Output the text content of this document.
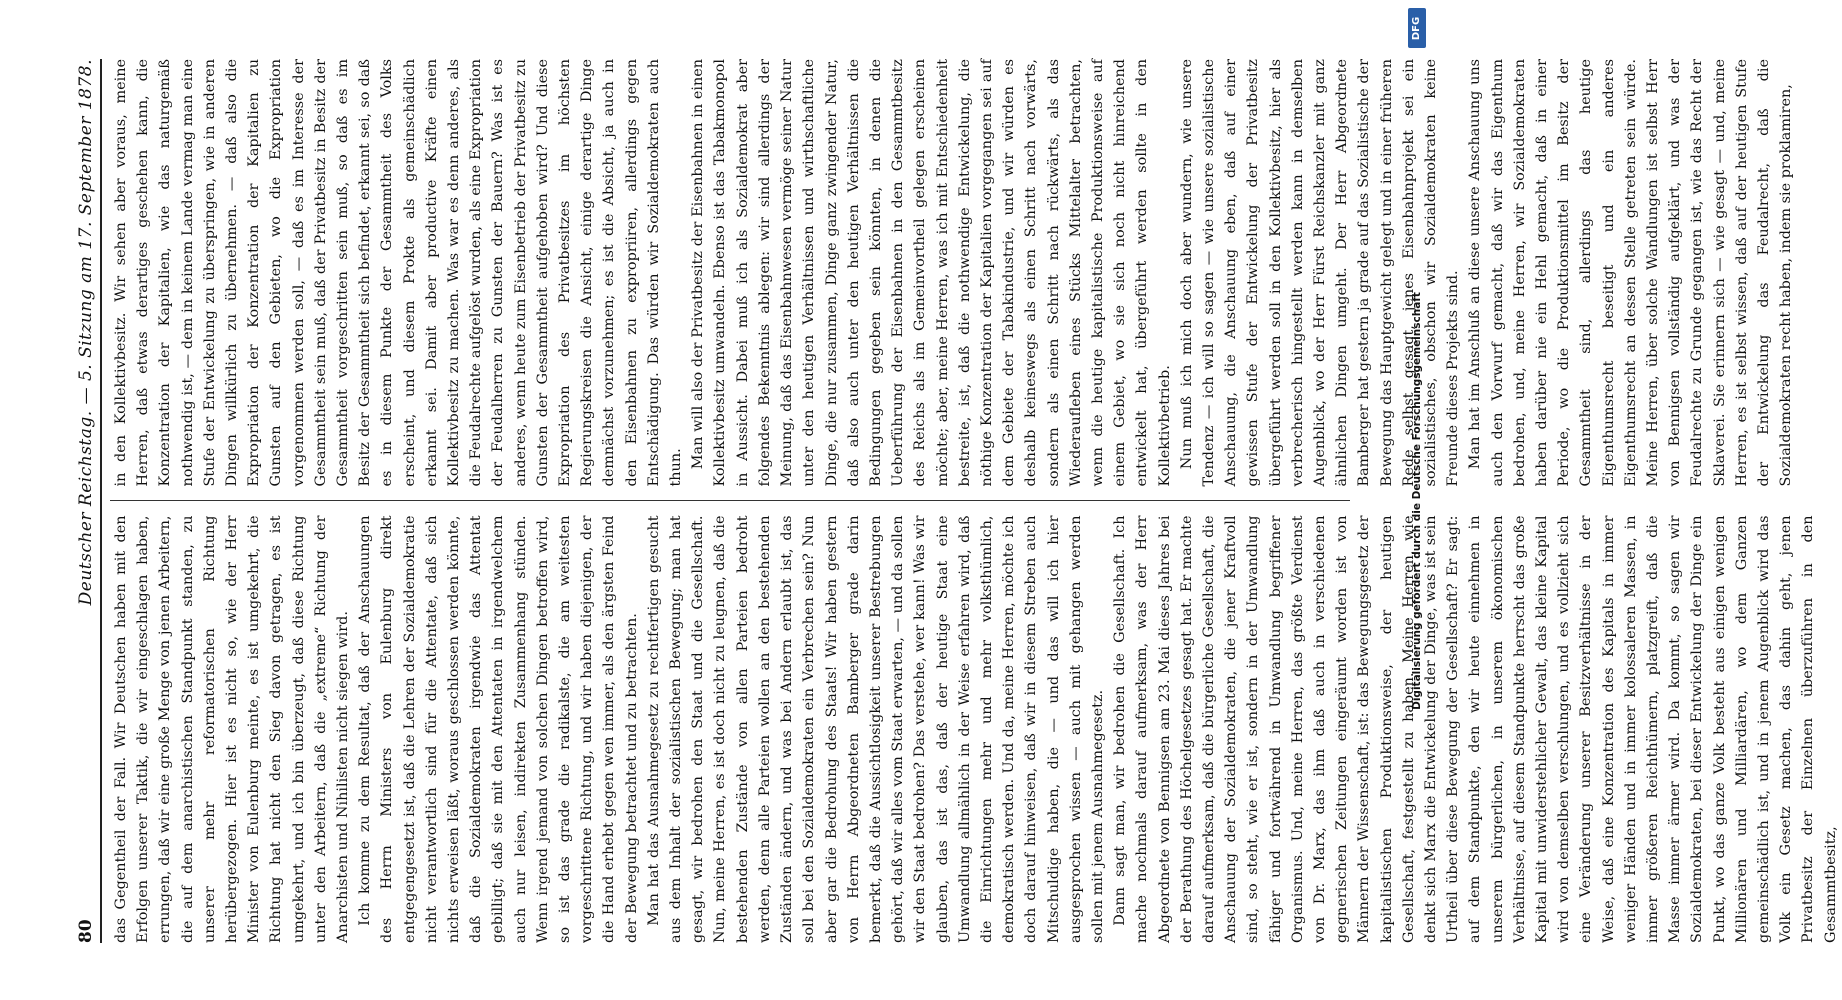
80
Deutscher Reichstag. — 5. Sitzung am 17. September 1878.

das Gegentheil der Fall. Wir Deutschen haben mit den Erfolgen unserer Taktik, die wir eingeschlagen haben, errungen, daß wir eine große Menge von jenen Arbeitern, die auf dem anarchistischen Standpunkt standen, zu unserer mehr reformatorischen Richtung herübergezogen. Hier ist es nicht so, wie der Herr Minister von Eulenburg meinte, es ist umgekehrt, die Richtung hat nicht den Sieg davon getragen, es ist umgekehrt, und ich bin überzeugt, daß diese Richtung unter den Arbeitern, daß die „extreme“ Richtung der Anarchisten und Nihilisten nicht siegen wird. Ich komme zu dem Resultat, daß der Anschauungen des Herrn Ministers von Eulenburg direkt entgegengesetzt ist, daß die Lehren der Sozialdemokratie nicht verantwortlich sind für die Attentate, daß sich nichts erweisen läßt, woraus geschlossen werden könnte, daß die Sozialdemokraten irgendwie das Attentat gebilligt; daß sie mit den Attentaten in irgendwelchem auch nur leisen, indirekten Zusammenhang stünden. Wenn irgend jemand von solchen Dingen betroffen wird, so ist das grade die radikalste, die am weitesten vorgeschrittene Richtung, und wir haben diejenigen, der die Hand erhebt gegen wen immer, als den ärgsten Feind der Bewegung betrachtet und zu betrachten. Man hat das Ausnahmegesetz zu rechtfertigen gesucht aus dem Inhalt der sozialistischen Bewegung; man hat gesagt, wir bedrohen den Staat und die Gesellschaft. Nun, meine Herren, es ist doch nicht zu leugnen, daß die bestehenden Zustände von allen Parteien bedroht werden, denn alle Parteien wollen an den bestehenden Zuständen ändern, und was bei Andern erlaubt ist, das soll bei den Sozialdemokraten ein Verbrechen sein? Nun aber gar die Bedrohung des Staats! Wir haben gestern von Herrn Abgeordneten Bamberger grade darin bemerkt, daß die Aussichtlosigkeit unserer Bestrebungen gehört, daß wir alles vom Staat erwarten, — und da sollen wir den Staat bedrohen? Das verstehe, wer kann! Was wir glauben, das ist das, daß der heutige Staat eine Umwandlung allmählich in der Weise erfahren wird, daß die Einrichtungen mehr und mehr volksthümlich, demokratisch werden. Und da, meine Herren, möchte ich doch darauf hinweisen, daß wir in diesem Streben auch Mitschuldige haben, die — und das will ich hier ausgesprochen wissen — auch mit gehangen werden sollen mit jenem Ausnahmegesetz. Dann sagt man, wir bedrohen die Gesellschaft. Ich mache nochmals darauf aufmerksam, was der Herr Abgeordnete von Bennigsen am 23. Mai dieses Jahres bei der Berathung des Höchelgesetzes gesagt hat. Er machte darauf aufmerksam, daß die bürgerliche Gesellschaft, die Anschauung der Sozialdemokraten, die jener Kraftvoll sind, so steht, wie er ist, sondern in der Umwandlung fähiger und fortwährend in Umwandlung begriffener Organismus. Und, meine Herren, das größte Verdienst von Dr. Marx, das ihm daß auch in verschiedenen gegnerischen Zeitungen eingeräumt worden ist von Männern der Wissenschaft, ist: das Bewegungsgesetz der kapitalistischen Produktionsweise, der heutigen Gesellschaft, festgestellt zu haben. Meine Herren, wie denkt sich Marx die Entwickelung der Dinge, was ist sein Urtheil über diese Bewegung der Gesellschaft? Er sagt: auf dem Standpunkte, den wir heute einnehmen in unserem bürgerlichen, in unserem ökonomischen Verhältnisse, auf diesem Standpunkte herrscht das große Kapital mit unwiderstehlicher Gewalt, das kleine Kapital wird von demselben verschlungen, und es vollzieht sich eine Veränderung unserer Besitzverhältnisse in der Weise, daß eine Konzentration des Kapitals in immer weniger Händen und in immer kolossaleren Massen, in immer größeren Reichthümern, platzgreift, daß die Masse immer ärmer wird. Da kommt, so sagen wir Sozialdemokraten, bei dieser Entwickelung der Dinge ein Punkt, wo das ganze Volk besteht aus einigen wenigen Millionären und Milliardären, wo dem Ganzen gemeinschädlich ist, und in jenem Augenblick wird das Volk ein Gesetz machen, das dahin geht, jenen Privatbesitz der Einzelnen überzuführen in den Gesammtbesitz,

in den Kollektivbesitz. Wir sehen aber voraus, meine Herren, daß etwas derartiges geschehen kann, die Konzentration der Kapitalien, wie das naturgemäß nothwendig ist, — dem in keinem Lande vermag man eine Stufe der Entwickelung zu überspringen, wie in anderen Dingen willkürlich zu übernehmen. — daß also die Expropriation der Konzentration der Kapitalien zu Gunsten auf den Gebieten, wo die Expropriation vorgenommen werden soll, — daß es im Interesse der Gesammtheit sein muß, daß der Privatbesitz in Besitz der Gesammtheit vorgeschritten sein muß, so daß es im Besitz der Gesammtheit sich befindet, erkannt sei, so daß es in diesem Punkte der Gesammtheit des Volks erscheint, und diesem Prokte als gemeinschädlich erkannt sei. Damit aber productive Kräfte einen Kollektivbesitz zu machen. Was war es denn anderes, als die Feudalrechte aufgelöst wurden, als eine Expropriation der Feudalherren zu Gunsten der Bauern? Was ist es anderes, wenn heute zum Eisenbetrieb der Privatbesitz zu Gunsten der Gesammtheit aufgehoben wird? Und diese Expropriation des Privatbesitzes im höchsten Regierungskreisen die Ansicht, einige derartige Dinge demnächst vorzunehmen; es ist die Absicht, ja auch in den Eisenbahnen zu expropriiren, allerdings gegen Entschädigung. Das würden wir Sozialdemokraten auch thun. Man will also der Privatbesitz der Eisenbahnen in einen Kollektivbesitz umwandeln. Ebenso ist das Tabakmonopol in Aussicht. Dabei muß ich als Sozialdemokrat aber folgendes Bekenntnis ablegen: wir sind allerdings der Meinung, daß das Eisenbahnwesen vermöge seiner Natur unter den heutigen Verhältnissen und wirthschaftliche Dinge, die nur zusammen, Dinge ganz zwingender Natur, daß also auch unter den heutigen Verhältnissen die Bedingungen gegeben sein könnten, in denen die Ueberführung der Eisenbahnen in den Gesammtbesitz des Reichs als im Gemeinvortheil gelegen erscheinen möchte; aber, meine Herren, was ich mit Entschiedenheit bestreite, ist, daß die nothwendige Entwickelung, die nöthige Konzentration der Kapitalien vorgegangen sei auf dem Gebiete der Tabakindustrie, und wir würden es deshalb keineswegs als einen Schritt nach vorwärts, sondern als einen Schritt nach rückwärts, als das Wiederaufleben eines Stücks Mittelalter betrachten, wenn die heutige kapitalistische Produktionsweise auf einem Gebiet, wo sie sich noch nicht hinreichend entwickelt hat, übergeführt werden sollte in den Kollektivbetrieb. Nun muß ich mich doch aber wundern, wie unsere Tendenz — ich will so sagen — wie unsere sozialistische Anschauung, die Anschauung eben, daß auf einer gewissen Stufe der Entwickelung der Privatbesitz übergeführt werden soll in den Kollektivbesitz, hier als verbrecherisch hingestellt werden kann in demselben Augenblick, wo der Herr Fürst Reichskanzler mit ganz ähnlichen Dingen umgeht. Der Herr Abgeordnete Bamberger hat gestern ja grade auf das Sozialistische der Bewegung das Hauptgewicht gelegt und in einer früheren Rede selbst gesagt, jenes Eisenbahnprojekt sei ein sozialistisches, obschon wir Sozialdemokraten keine Freunde dieses Projekts sind. Man hat im Anschluß an diese unsere Anschauung uns auch den Vorwurf gemacht, daß wir das Eigenthum bedrohen, und, meine Herren, wir Sozialdemokraten haben darüber nie ein Hehl gemacht, daß in einer Periode, wo die Produktionsmittel im Besitz der Gesammtheit sind, allerdings das heutige Eigenthumsrecht beseitigt und ein anderes Eigenthumsrecht an dessen Stelle getreten sein würde. Meine Herren, über solche Wandlungen ist selbst Herr von Bennigsen vollständig aufgeklärt, und was der Feudalrechte zu Grunde gegangen ist, wie das Recht der Sklaverei. Sie erinnern sich — wie gesagt — und, meine Herren, es ist selbst wissen, daß auf der heutigen Stufe der Entwickelung das Feudalrecht, daß die Sozialdemokraten recht haben, indem sie proklamiren,

DFG
Digitalisierung gefördert durch die Deutsche Forschungsgemeinschaft
